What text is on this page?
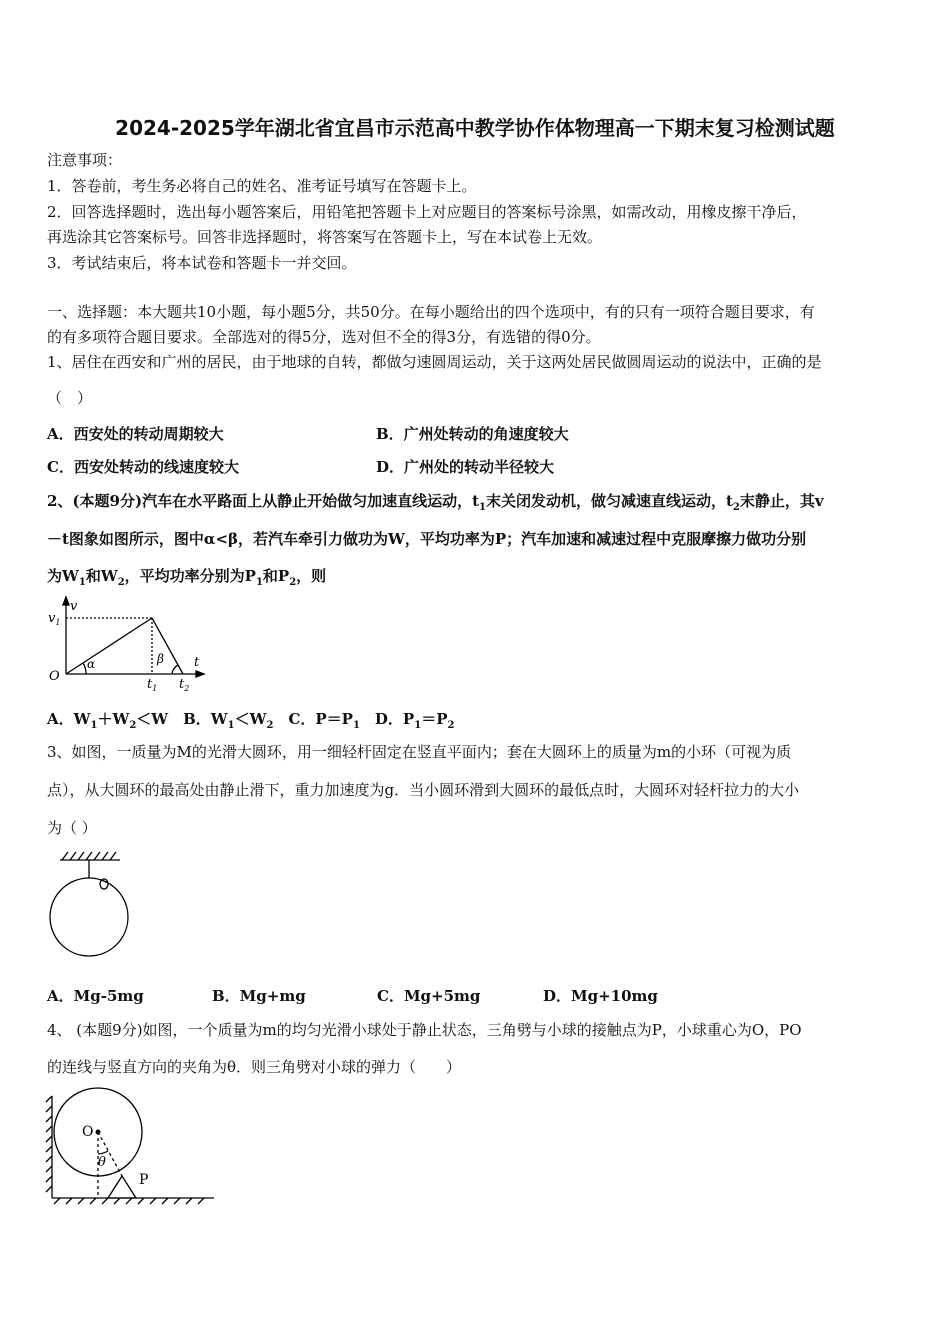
2024-2025学年湖北省宜昌市示范高中教学协作体物理高一下期末复习检测试题
注意事项：
1．答卷前，考生务必将自己的姓名、准考证号填写在答题卡上。
2．回答选择题时，选出每小题答案后，用铅笔把答题卡上对应题目的答案标号涂黑，如需改动，用橡皮擦干净后，
再选涂其它答案标号。回答非选择题时，将答案写在答题卡上，写在本试卷上无效。
3．考试结束后，将本试卷和答题卡一并交回。
一、选择题：本大题共10小题，每小题5分，共50分。在每小题给出的四个选项中，有的只有一项符合题目要求，有
的有多项符合题目要求。全部选对的得5分，选对但不全的得3分，有选错的得0分。
1、居住在西安和广州的居民，由于地球的自转，都做匀速圆周运动，关于这两处居民做圆周运动的说法中，正确的是
（　）
A．西安处的转动周期较大	B．广州处转动的角速度较大
C．西安处转动的线速度较大	D．广州处的转动半径较大
2、(本题9分)汽车在水平路面上从静止开始做匀加速直线运动，$t_1$末关闭发动机，做匀减速直线运动，$t_2$末静止，其v
－t图象如图所示，图中α<β，若汽车牵引力做功为W，平均功率为P；汽车加速和减速过程中克服摩擦力做功分别
为$W_1$和$W_2$，平均功率分别为$P_1$和$P_2$，则
v
$v_1$
O
α	β t
$t_1$ $t_2$
A．$W_1+W_2<W$　B．$W_1<W_2$　C．$P=P_1$　D．$P_1=P_2$
3、如图，一质量为M的光滑大圆环，用一细轻杆固定在竖直平面内；套在大圆环上的质量为m的小环（可视为质
点），从大圆环的最高处由静止滑下，重力加速度为g．当小圆环滑到大圆环的最低点时，大圆环对轻杆拉力的大小
为（ ）
A．Mg-5mg	B．Mg+mg	C．Mg+5mg	D．Mg+10mg
4、 (本题9分)如图，一个质量为m的均匀光滑小球处于静止状态，三角劈与小球的接触点为P，小球重心为O，PO
的连线与竖直方向的夹角为θ．则三角劈对小球的弹力（　　）
O
θ
P
